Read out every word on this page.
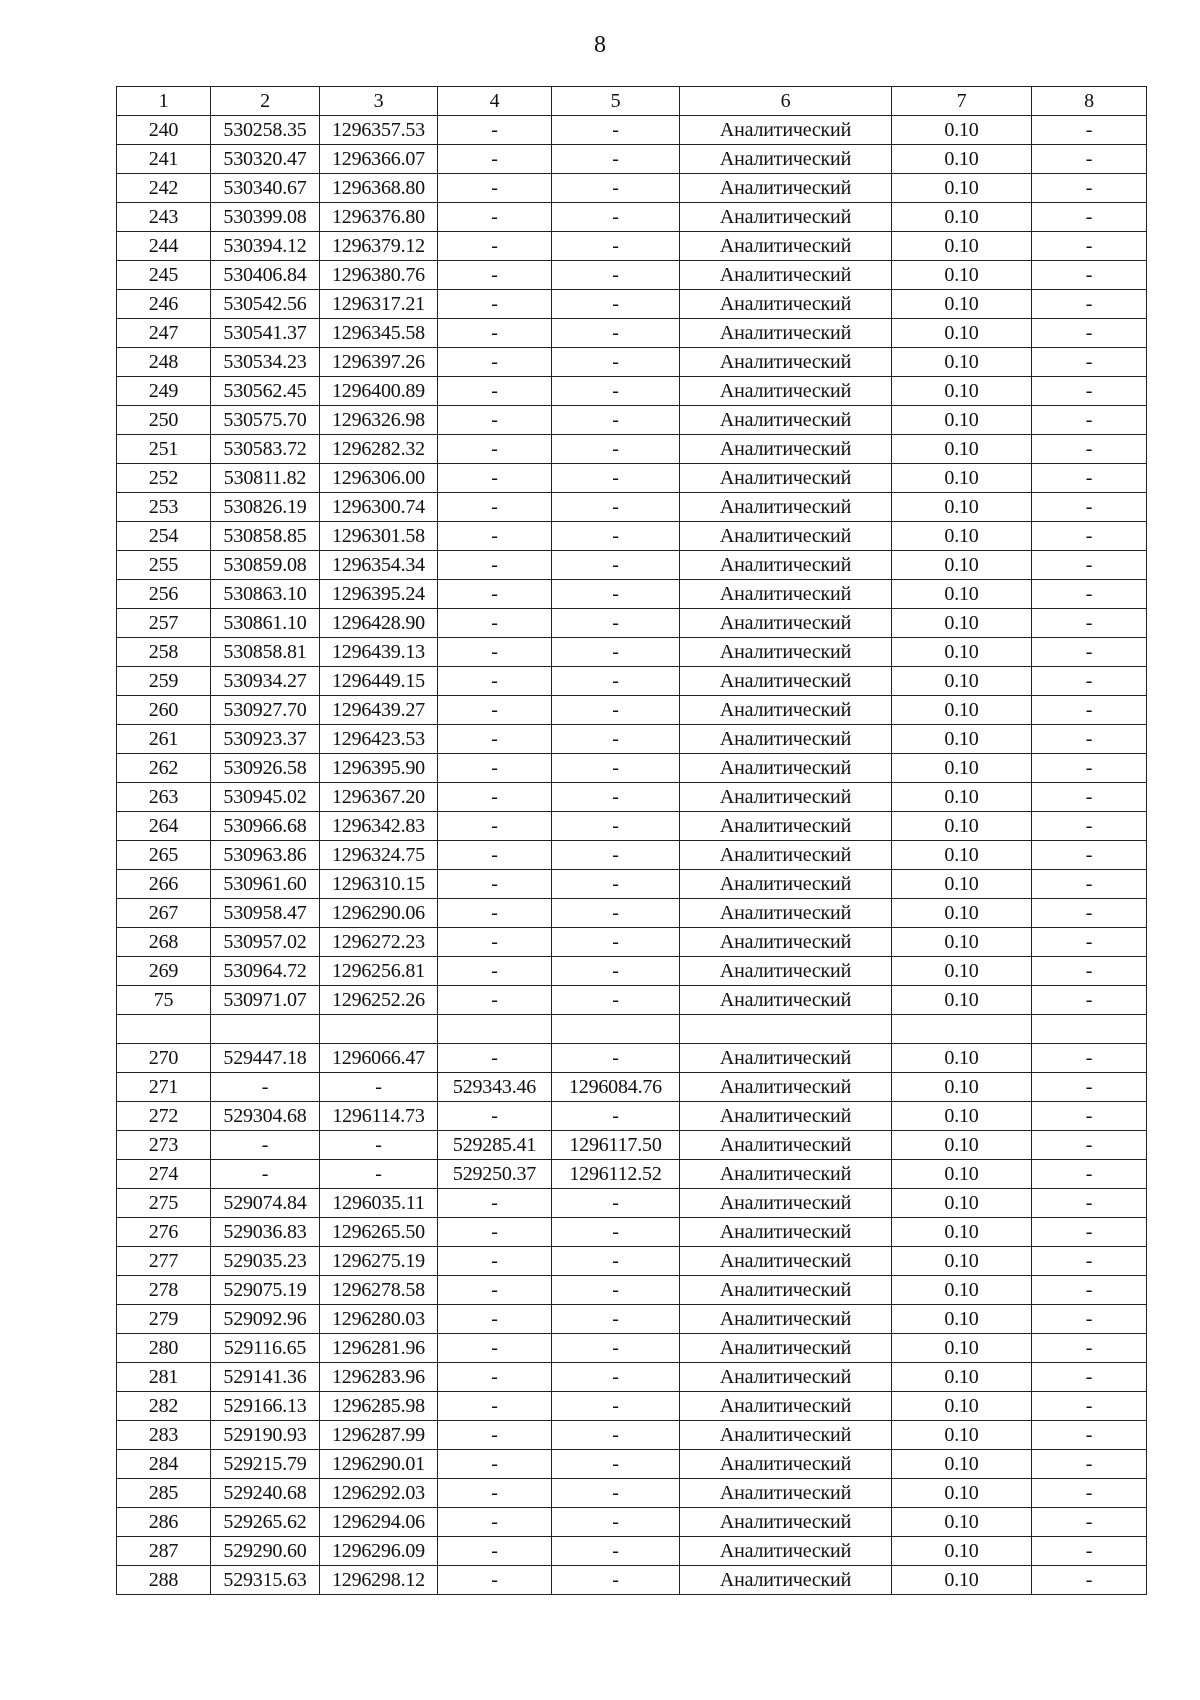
8
1	2	3	4	5	6	7	8
240	530258.35	1296357.53	-	-	Аналитический	0.10	-
241	530320.47	1296366.07	-	-	Аналитический	0.10	-
242	530340.67	1296368.80	-	-	Аналитический	0.10	-
243	530399.08	1296376.80	-	-	Аналитический	0.10	-
244	530394.12	1296379.12	-	-	Аналитический	0.10	-
245	530406.84	1296380.76	-	-	Аналитический	0.10	-
246	530542.56	1296317.21	-	-	Аналитический	0.10	-
247	530541.37	1296345.58	-	-	Аналитический	0.10	-
248	530534.23	1296397.26	-	-	Аналитический	0.10	-
249	530562.45	1296400.89	-	-	Аналитический	0.10	-
250	530575.70	1296326.98	-	-	Аналитический	0.10	-
251	530583.72	1296282.32	-	-	Аналитический	0.10	-
252	530811.82	1296306.00	-	-	Аналитический	0.10	-
253	530826.19	1296300.74	-	-	Аналитический	0.10	-
254	530858.85	1296301.58	-	-	Аналитический	0.10	-
255	530859.08	1296354.34	-	-	Аналитический	0.10	-
256	530863.10	1296395.24	-	-	Аналитический	0.10	-
257	530861.10	1296428.90	-	-	Аналитический	0.10	-
258	530858.81	1296439.13	-	-	Аналитический	0.10	-
259	530934.27	1296449.15	-	-	Аналитический	0.10	-
260	530927.70	1296439.27	-	-	Аналитический	0.10	-
261	530923.37	1296423.53	-	-	Аналитический	0.10	-
262	530926.58	1296395.90	-	-	Аналитический	0.10	-
263	530945.02	1296367.20	-	-	Аналитический	0.10	-
264	530966.68	1296342.83	-	-	Аналитический	0.10	-
265	530963.86	1296324.75	-	-	Аналитический	0.10	-
266	530961.60	1296310.15	-	-	Аналитический	0.10	-
267	530958.47	1296290.06	-	-	Аналитический	0.10	-
268	530957.02	1296272.23	-	-	Аналитический	0.10	-
269	530964.72	1296256.81	-	-	Аналитический	0.10	-
75	530971.07	1296252.26	-	-	Аналитический	0.10	-

270	529447.18	1296066.47	-	-	Аналитический	0.10	-
271	-	-	529343.46	1296084.76	Аналитический	0.10	-
272	529304.68	1296114.73	-	-	Аналитический	0.10	-
273	-	-	529285.41	1296117.50	Аналитический	0.10	-
274	-	-	529250.37	1296112.52	Аналитический	0.10	-
275	529074.84	1296035.11	-	-	Аналитический	0.10	-
276	529036.83	1296265.50	-	-	Аналитический	0.10	-
277	529035.23	1296275.19	-	-	Аналитический	0.10	-
278	529075.19	1296278.58	-	-	Аналитический	0.10	-
279	529092.96	1296280.03	-	-	Аналитический	0.10	-
280	529116.65	1296281.96	-	-	Аналитический	0.10	-
281	529141.36	1296283.96	-	-	Аналитический	0.10	-
282	529166.13	1296285.98	-	-	Аналитический	0.10	-
283	529190.93	1296287.99	-	-	Аналитический	0.10	-
284	529215.79	1296290.01	-	-	Аналитический	0.10	-
285	529240.68	1296292.03	-	-	Аналитический	0.10	-
286	529265.62	1296294.06	-	-	Аналитический	0.10	-
287	529290.60	1296296.09	-	-	Аналитический	0.10	-
288	529315.63	1296298.12	-	-	Аналитический	0.10	-
